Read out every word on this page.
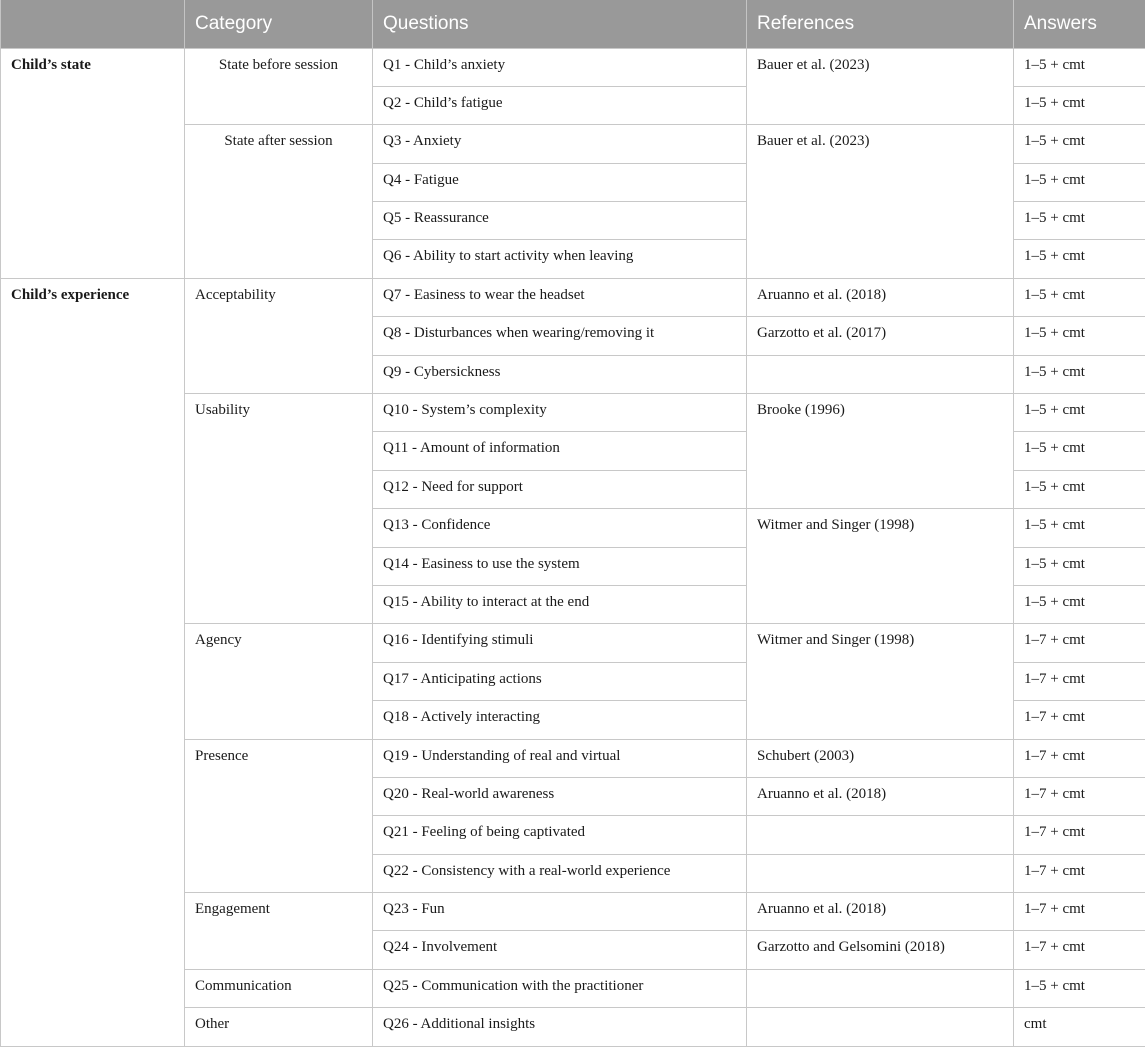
	Category	Questions	References	Answers
Child’s state	State before session	Q1 - Child’s anxiety	Bauer et al. (2023)	1–5 + cmt
		Q2 - Child’s fatigue		1–5 + cmt
	State after session	Q3 - Anxiety	Bauer et al. (2023)	1–5 + cmt
		Q4 - Fatigue		1–5 + cmt
		Q5 - Reassurance		1–5 + cmt
		Q6 - Ability to start activity when leaving		1–5 + cmt
Child’s experience	Acceptability	Q7 - Easiness to wear the headset	Aruanno et al. (2018)	1–5 + cmt
		Q8 - Disturbances when wearing/removing it	Garzotto et al. (2017)	1–5 + cmt
		Q9 - Cybersickness		1–5 + cmt
	Usability	Q10 - System’s complexity	Brooke (1996)	1–5 + cmt
		Q11 - Amount of information		1–5 + cmt
		Q12 - Need for support		1–5 + cmt
		Q13 - Confidence	Witmer and Singer (1998)	1–5 + cmt
		Q14 - Easiness to use the system		1–5 + cmt
		Q15 - Ability to interact at the end		1–5 + cmt
	Agency	Q16 - Identifying stimuli	Witmer and Singer (1998)	1–7 + cmt
		Q17 - Anticipating actions		1–7 + cmt
		Q18 - Actively interacting		1–7 + cmt
	Presence	Q19 - Understanding of real and virtual	Schubert (2003)	1–7 + cmt
		Q20 - Real-world awareness	Aruanno et al. (2018)	1–7 + cmt
		Q21 - Feeling of being captivated		1–7 + cmt
		Q22 - Consistency with a real-world experience		1–7 + cmt
	Engagement	Q23 - Fun	Aruanno et al. (2018)	1–7 + cmt
		Q24 - Involvement	Garzotto and Gelsomini (2018)	1–7 + cmt
	Communication	Q25 - Communication with the practitioner		1–5 + cmt
	Other	Q26 - Additional insights		cmt
